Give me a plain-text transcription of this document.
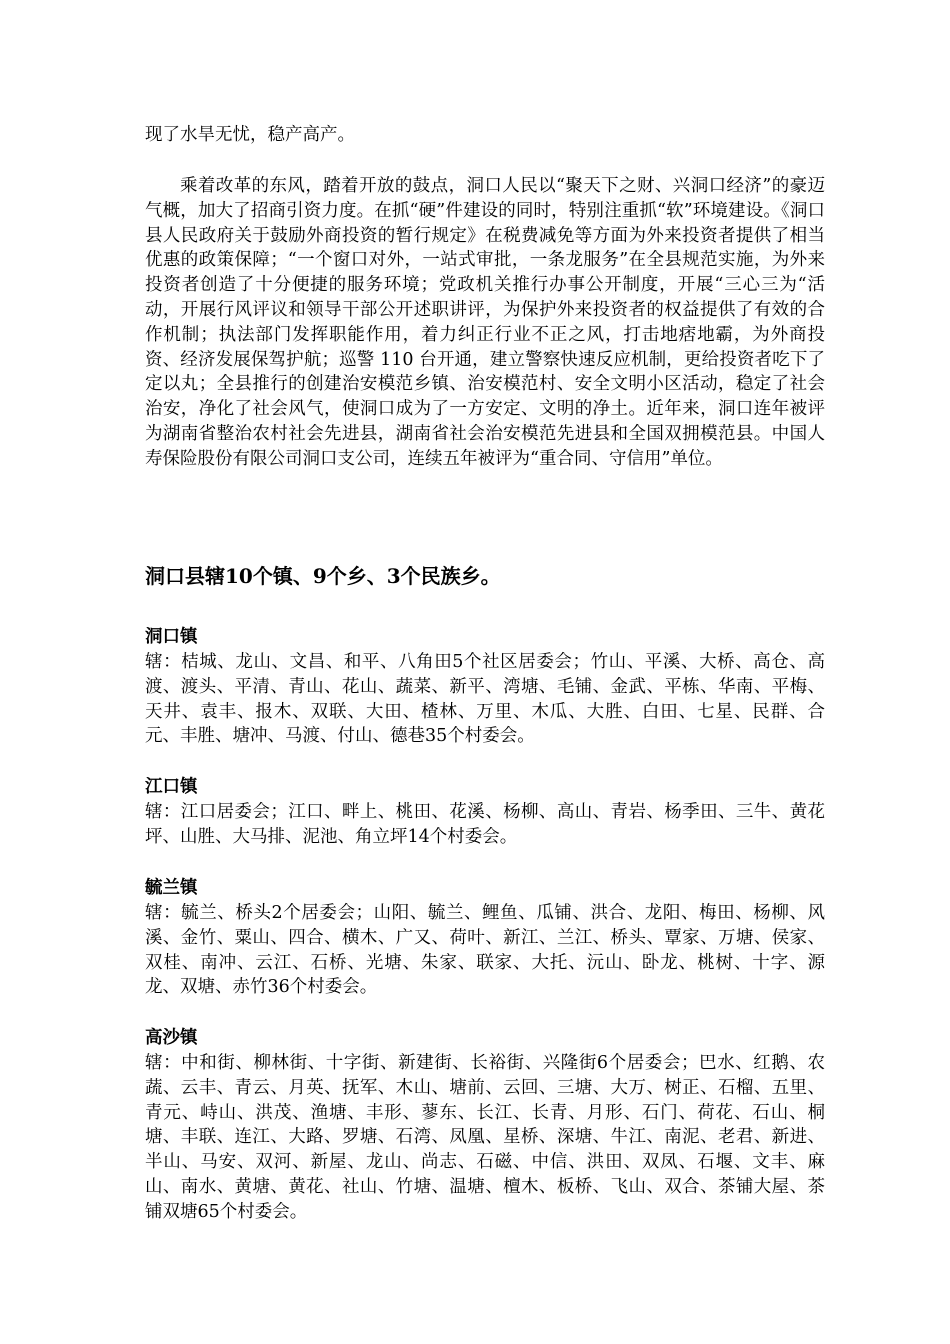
现了水旱无忧，稳产高产。
乘着改革的东风，踏着开放的鼓点，洞口人民以“聚天下之财、兴洞口经济”的豪迈气概，加大了招商引资力度。在抓“硬”件建设的同时，特别注重抓“软”环境建设。《洞口县人民政府关于鼓励外商投资的暂行规定》在税费减免等方面为外来投资者提供了相当优惠的政策保障；“一个窗口对外，一站式审批，一条龙服务”在全县规范实施，为外来投资者创造了十分便捷的服务环境；党政机关推行办事公开制度，开展“三心三为“活动，开展行风评议和领导干部公开述职讲评，为保护外来投资者的权益提供了有效的合作机制；执法部门发挥职能作用，着力纠正行业不正之风，打击地痞地霸，为外商投资、经济发展保驾护航；巡警 110 台开通，建立警察快速反应机制，更给投资者吃下了定以丸；全县推行的创建治安模范乡镇、治安模范村、安全文明小区活动，稳定了社会治安，净化了社会风气，使洞口成为了一方安定、文明的净土。近年来，洞口连年被评为湖南省整治农村社会先进县，湖南省社会治安模范先进县和全国双拥模范县。中国人寿保险股份有限公司洞口支公司，连续五年被评为“重合同、守信用”单位。
洞口县辖10个镇、9个乡、3个民族乡。
洞口镇
辖：桔城、龙山、文昌、和平、八角田5个社区居委会；竹山、平溪、大桥、高仓、高渡、渡头、平清、青山、花山、蔬菜、新平、湾塘、毛铺、金武、平栋、华南、平梅、天井、袁丰、报木、双联、大田、楂林、万里、木瓜、大胜、白田、七星、民群、合元、丰胜、塘冲、马渡、付山、德巷35个村委会。
江口镇
辖：江口居委会；江口、畔上、桃田、花溪、杨柳、高山、青岩、杨季田、三牛、黄花坪、山胜、大马排、泥池、角立坪14个村委会。
毓兰镇
辖：毓兰、桥头2个居委会；山阳、毓兰、鲤鱼、瓜铺、洪合、龙阳、梅田、杨柳、风溪、金竹、粟山、四合、横木、广又、荷叶、新江、兰江、桥头、覃家、万塘、侯家、双桂、南冲、云江、石桥、光塘、朱家、联家、大托、沅山、卧龙、桃树、十字、源龙、双塘、赤竹36个村委会。
高沙镇
辖：中和街、柳林街、十字街、新建街、长裕街、兴隆街6个居委会；巴水、红鹅、农蔬、云丰、青云、月英、抚军、木山、塘前、云回、三塘、大万、树正、石榴、五里、青元、峙山、洪茂、渔塘、丰形、蓼东、长江、长青、月形、石门、荷花、石山、桐塘、丰联、连江、大路、罗塘、石湾、凤凰、星桥、深塘、牛江、南泥、老君、新进、半山、马安、双河、新屋、龙山、尚志、石磁、中信、洪田、双凤、石堰、文丰、麻山、南水、黄塘、黄花、社山、竹塘、温塘、檀木、板桥、飞山、双合、茶铺大屋、茶铺双塘65个村委会。
